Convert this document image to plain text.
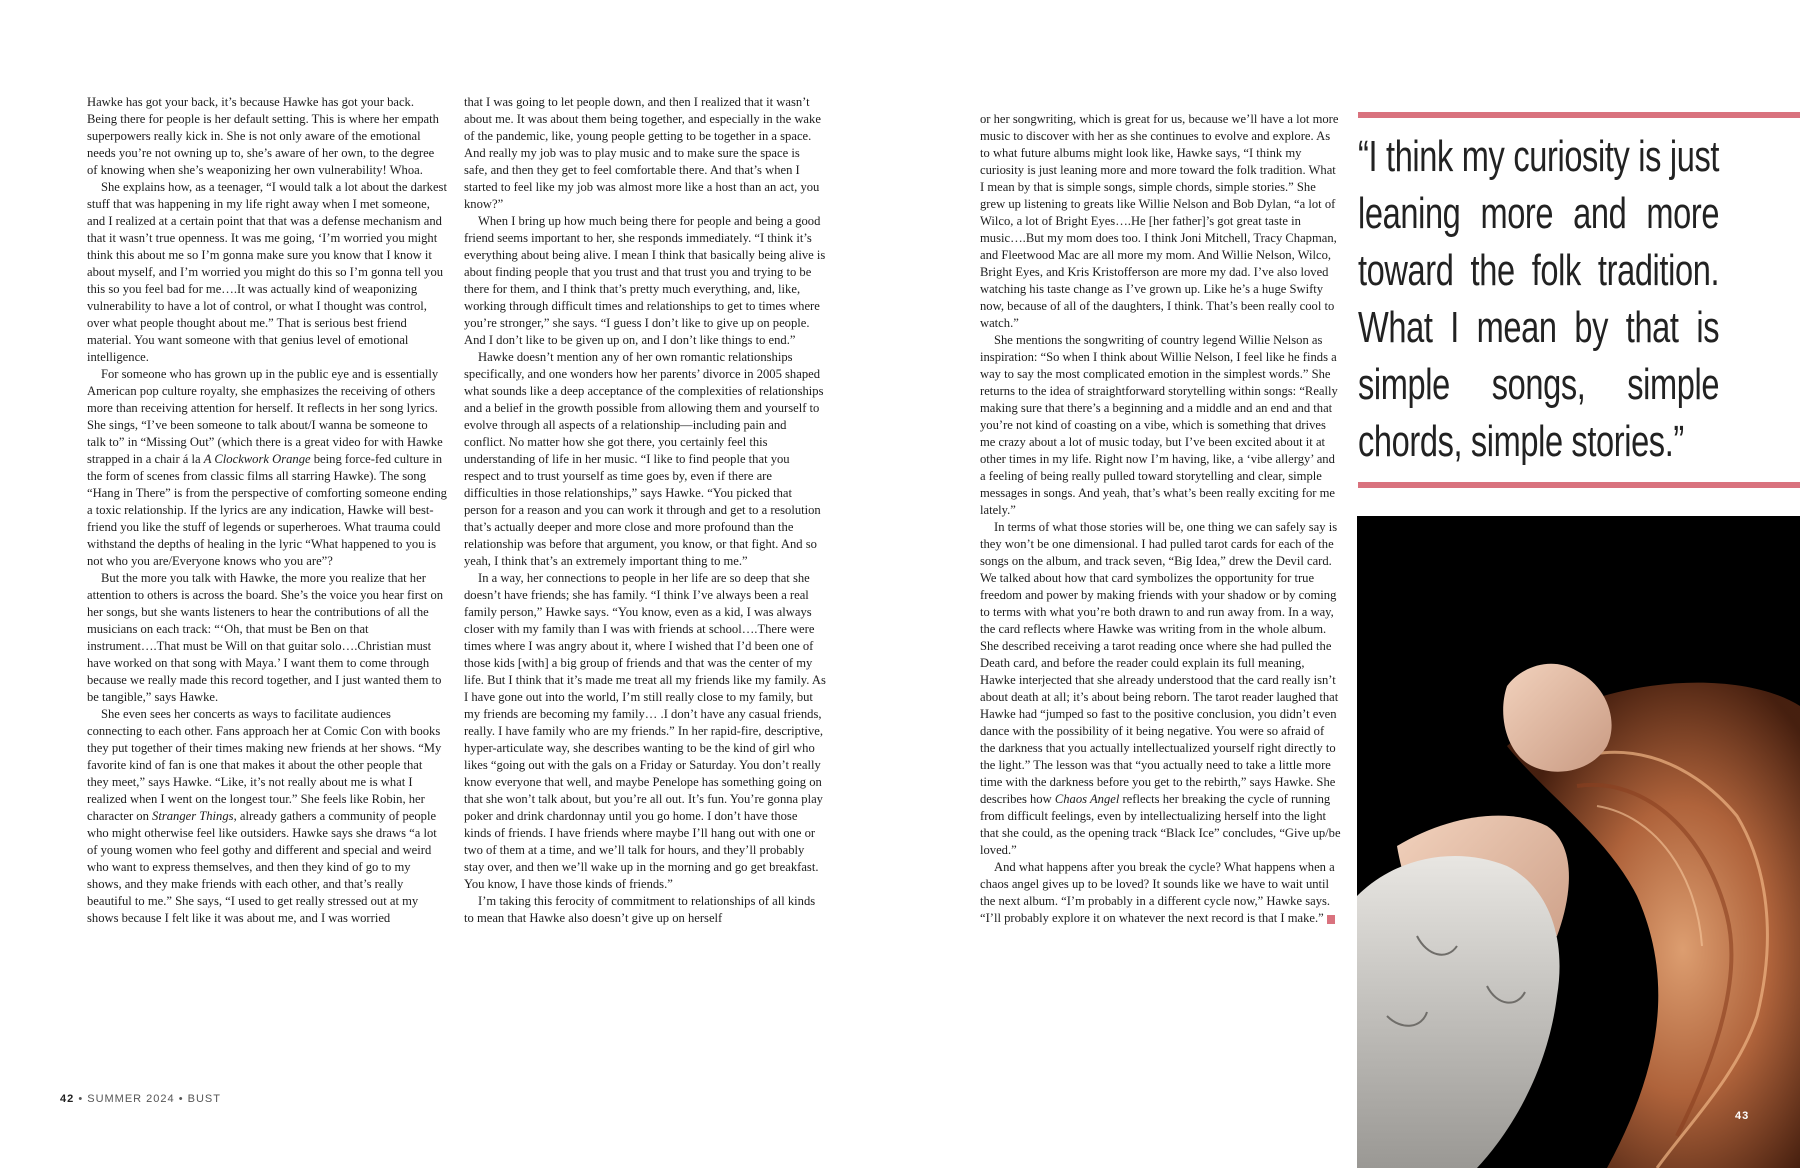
Hawke has got your back, it’s because Hawke has got your back. Being there for people is her default setting. This is where her empath superpowers really kick in. She is not only aware of the emotional needs you’re not owning up to, she’s aware of her own, to the degree of knowing when she’s weaponizing her own vulnerability! Whoa.

She explains how, as a teenager, “I would talk a lot about the darkest stuff that was happening in my life right away when I met someone, and I realized at a certain point that that was a defense mechanism and that it wasn’t true openness. It was me going, ‘I’m worried you might think this about me so I’m gonna make sure you know that I know it about myself, and I’m worried you might do this so I’m gonna tell you this so you feel bad for me….It was actually kind of weaponizing vulnerability to have a lot of control, or what I thought was control, over what people thought about me.” That is serious best friend material. You want someone with that genius level of emotional intelligence.

For someone who has grown up in the public eye and is essentially American pop culture royalty, she emphasizes the receiving of others more than receiving attention for herself. It reflects in her song lyrics. She sings, “I’ve been someone to talk about/I wanna be someone to talk to” in “Missing Out” (which there is a great video for with Hawke strapped in a chair á la A Clockwork Orange being force-fed culture in the form of scenes from classic films all starring Hawke). The song “Hang in There” is from the perspective of comforting someone ending a toxic relationship. If the lyrics are any indication, Hawke will best-friend you like the stuff of legends or superheroes. What trauma could withstand the depths of healing in the lyric “What happened to you is not who you are/Everyone knows who you are”?

But the more you talk with Hawke, the more you realize that her attention to others is across the board. She’s the voice you hear first on her songs, but she wants listeners to hear the contributions of all the musicians on each track: “‘Oh, that must be Ben on that instrument….That must be Will on that guitar solo….Christian must have worked on that song with Maya.’ I want them to come through because we really made this record together, and I just wanted them to be tangible,” says Hawke.

She even sees her concerts as ways to facilitate audiences connecting to each other. Fans approach her at Comic Con with books they put together of their times making new friends at her shows. “My favorite kind of fan is one that makes it about the other people that they meet,” says Hawke. “Like, it’s not really about me is what I realized when I went on the longest tour.” She feels like Robin, her character on Stranger Things, already gathers a community of people who might otherwise feel like outsiders. Hawke says she draws “a lot of young women who feel gothy and different and special and weird who want to express themselves, and then they kind of go to my shows, and they make friends with each other, and that’s really beautiful to me.” She says, “I used to get really stressed out at my shows because I felt like it was about me, and I was worried

that I was going to let people down, and then I realized that it wasn’t about me. It was about them being together, and especially in the wake of the pandemic, like, young people getting to be together in a space. And really my job was to play music and to make sure the space is safe, and then they get to feel comfortable there. And that’s when I started to feel like my job was almost more like a host than an act, you know?”

When I bring up how much being there for people and being a good friend seems important to her, she responds immediately. “I think it’s everything about being alive. I mean I think that basically being alive is about finding people that you trust and that trust you and trying to be there for them, and I think that’s pretty much everything, and, like, working through difficult times and relationships to get to times where you’re stronger,” she says. “I guess I don’t like to give up on people. And I don’t like to be given up on, and I don’t like things to end.”

Hawke doesn’t mention any of her own romantic relationships specifically, and one wonders how her parents’ divorce in 2005 shaped what sounds like a deep acceptance of the complexities of relationships and a belief in the growth possible from allowing them and yourself to evolve through all aspects of a relationship—including pain and conflict. No matter how she got there, you certainly feel this understanding of life in her music. “I like to find people that you respect and to trust yourself as time goes by, even if there are difficulties in those relationships,” says Hawke. “You picked that person for a reason and you can work it through and get to a resolution that’s actually deeper and more close and more profound than the relationship was before that argument, you know, or that fight. And so yeah, I think that’s an extremely important thing to me.”

In a way, her connections to people in her life are so deep that she doesn’t have friends; she has family. “I think I’ve always been a real family person,” Hawke says. “You know, even as a kid, I was always closer with my family than I was with friends at school….There were times where I was angry about it, where I wished that I’d been one of those kids [with] a big group of friends and that was the center of my life. But I think that it’s made me treat all my friends like my family. As I have gone out into the world, I’m still really close to my family, but my friends are becoming my family… .I don’t have any casual friends, really. I have family who are my friends.” In her rapid-fire, descriptive, hyper-articulate way, she describes wanting to be the kind of girl who likes “going out with the gals on a Friday or Saturday. You don’t really know everyone that well, and maybe Penelope has something going on that she won’t talk about, but you’re all out. It’s fun. You’re gonna play poker and drink chardonnay until you go home. I don’t have those kinds of friends. I have friends where maybe I’ll hang out with one or two of them at a time, and we’ll talk for hours, and they’ll probably stay over, and then we’ll wake up in the morning and go get breakfast. You know, I have those kinds of friends.”

I’m taking this ferocity of commitment to relationships of all kinds to mean that Hawke also doesn’t give up on herself

or her songwriting, which is great for us, because we’ll have a lot more music to discover with her as she continues to evolve and explore. As to what future albums might look like, Hawke says, “I think my curiosity is just leaning more and more toward the folk tradition. What I mean by that is simple songs, simple chords, simple stories.” She grew up listening to greats like Willie Nelson and Bob Dylan, “a lot of Wilco, a lot of Bright Eyes….He [her father]’s got great taste in music….But my mom does too. I think Joni Mitchell, Tracy Chapman, and Fleetwood Mac are all more my mom. And Willie Nelson, Wilco, Bright Eyes, and Kris Kristofferson are more my dad. I’ve also loved watching his taste change as I’ve grown up. Like he’s a huge Swifty now, because of all of the daughters, I think. That’s been really cool to watch.”

She mentions the songwriting of country legend Willie Nelson as inspiration: “So when I think about Willie Nelson, I feel like he finds a way to say the most complicated emotion in the simplest words.” She returns to the idea of straightforward storytelling within songs: “Really making sure that there’s a beginning and a middle and an end and that you’re not kind of coasting on a vibe, which is something that drives me crazy about a lot of music today, but I’ve been excited about it at other times in my life. Right now I’m having, like, a ‘vibe allergy’ and a feeling of being really pulled toward storytelling and clear, simple messages in songs. And yeah, that’s what’s been really exciting for me lately.”

In terms of what those stories will be, one thing we can safely say is they won’t be one dimensional. I had pulled tarot cards for each of the songs on the album, and track seven, “Big Idea,” drew the Devil card. We talked about how that card symbolizes the opportunity for true freedom and power by making friends with your shadow or by coming to terms with what you’re both drawn to and run away from. In a way, the card reflects where Hawke was writing from in the whole album. She described receiving a tarot reading once where she had pulled the Death card, and before the reader could explain its full meaning, Hawke interjected that she already understood that the card really isn’t about death at all; it’s about being reborn. The tarot reader laughed that Hawke had “jumped so fast to the positive conclusion, you didn’t even dance with the possibility of it being negative. You were so afraid of the darkness that you actually intellectualized yourself right directly to the light.” The lesson was that “you actually need to take a little more time with the darkness before you get to the rebirth,” says Hawke. She describes how Chaos Angel reflects her breaking the cycle of running from difficult feelings, even by intellectualizing herself into the light that she could, as the opening track “Black Ice” concludes, “Give up/be loved.”

And what happens after you break the cycle? What happens when a chaos angel gives up to be loved? It sounds like we have to wait until the next album. “I’m probably in a different cycle now,” Hawke says. “I’ll probably explore it on whatever the next record is that I make.” B

42 • SUMMER 2024 • BUST
“I think my curiosity is just leaning more and more toward the folk tradition. What I mean by that is simple songs, simple chords, simple stories.”
43
